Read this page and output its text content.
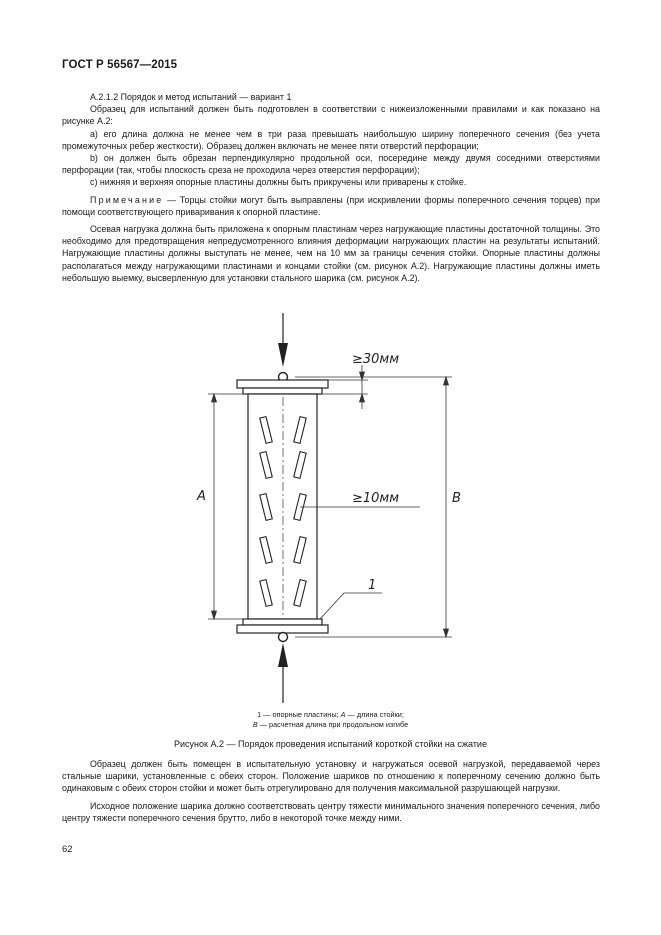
ГОСТ Р 56567—2015

А.2.1.2 Порядок и метод испытаний — вариант 1

Образец для испытаний должен быть подготовлен в соответствии с нижеизложенными правилами и как показано на рисунке А.2:

а) его длина должна не менее чем в три раза превышать наибольшую ширину поперечного сечения (без учета промежуточных ребер жесткости). Образец должен включать не менее пяти отверстий перфорации;

b) он должен быть обрезан перпендикулярно продольной оси, посередине между двумя соседними отверстиями перфорации (так, чтобы плоскость среза не проходила через отверстия перфорации);

с) нижняя и верхняя опорные пластины должны быть прикручены или приварены к стойке.

Примечание — Торцы стойки могут быть выправлены (при искривлении формы поперечного сечения торцев) при помощи соответствующего приваривания к опорной пластине.

Осевая нагрузка должна быть приложена к опорным пластинам через нагружающие пластины достаточной толщины. Это необходимо для предотвращения непредусмотренного влияния деформации нагружающих пластин на результаты испытаний. Нагружающие пластины должны выступать не менее, чем на 10 мм за границы сечения стойки. Опорные пластины должны располагаться между нагружающими пластинами и концами стойки (см. рисунок А.2). Нагружающие пластины должны иметь небольшую выемку, высверленную для установки стального шарика (см. рисунок А.2).

A	B
≥30мм
≥10мм
1
1 — опорные пластины; А — длина стойки;
В — расчетная длина при продольном изгибе
Рисунок А.2 — Порядок проведения испытаний короткой стойки на сжатие

Образец должен быть помещен в испытательную установку и нагружаться осевой нагрузкой, передаваемой через стальные шарики, установленные с обеих сторон. Положение шариков по отношению к поперечному сечению должно быть одинаковым с обеих сторон стойки и может быть отрегулировано для получения максимальной разрушающей нагрузки.

Исходное положение шарика должно соответствовать центру тяжести минимального значения поперечного сечения, либо центру тяжести поперечного сечения брутто, либо в некоторой точке между ними.

62
